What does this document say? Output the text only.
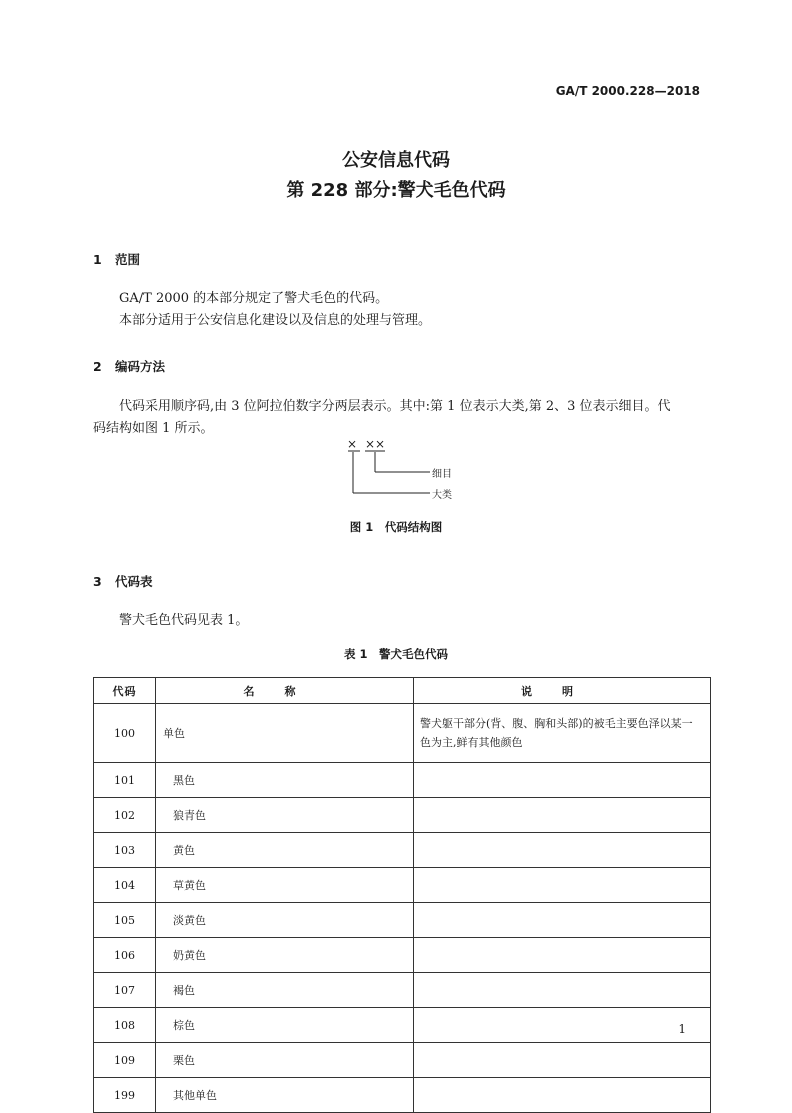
GA/T 2000.228—2018
公安信息代码
第 228 部分:警犬毛色代码
1 范围
GA/T 2000 的本部分规定了警犬毛色的代码。
本部分适用于公安信息化建设以及信息的处理与管理。
2 编码方法
代码采用顺序码,由 3 位阿拉伯数字分两层表示。其中:第 1 位表示大类,第 2、3 位表示细目。代
码结构如图 1 所示。
× ××
细目
大类
图 1　代码结构图
3 代码表
警犬毛色代码见表 1。
表 1　警犬毛色代码
代码	名称	说明
100	单色	警犬躯干部分(背、腹、胸和头部)的被毛主要色泽以某一
色为主,鲜有其他颜色

101	黑色	
102	狼青色	
103	黄色	
104	草黄色	
105	淡黄色	
106	奶黄色	
107	褐色	
108	棕色	
109	栗色	
199	其他单色	
1
